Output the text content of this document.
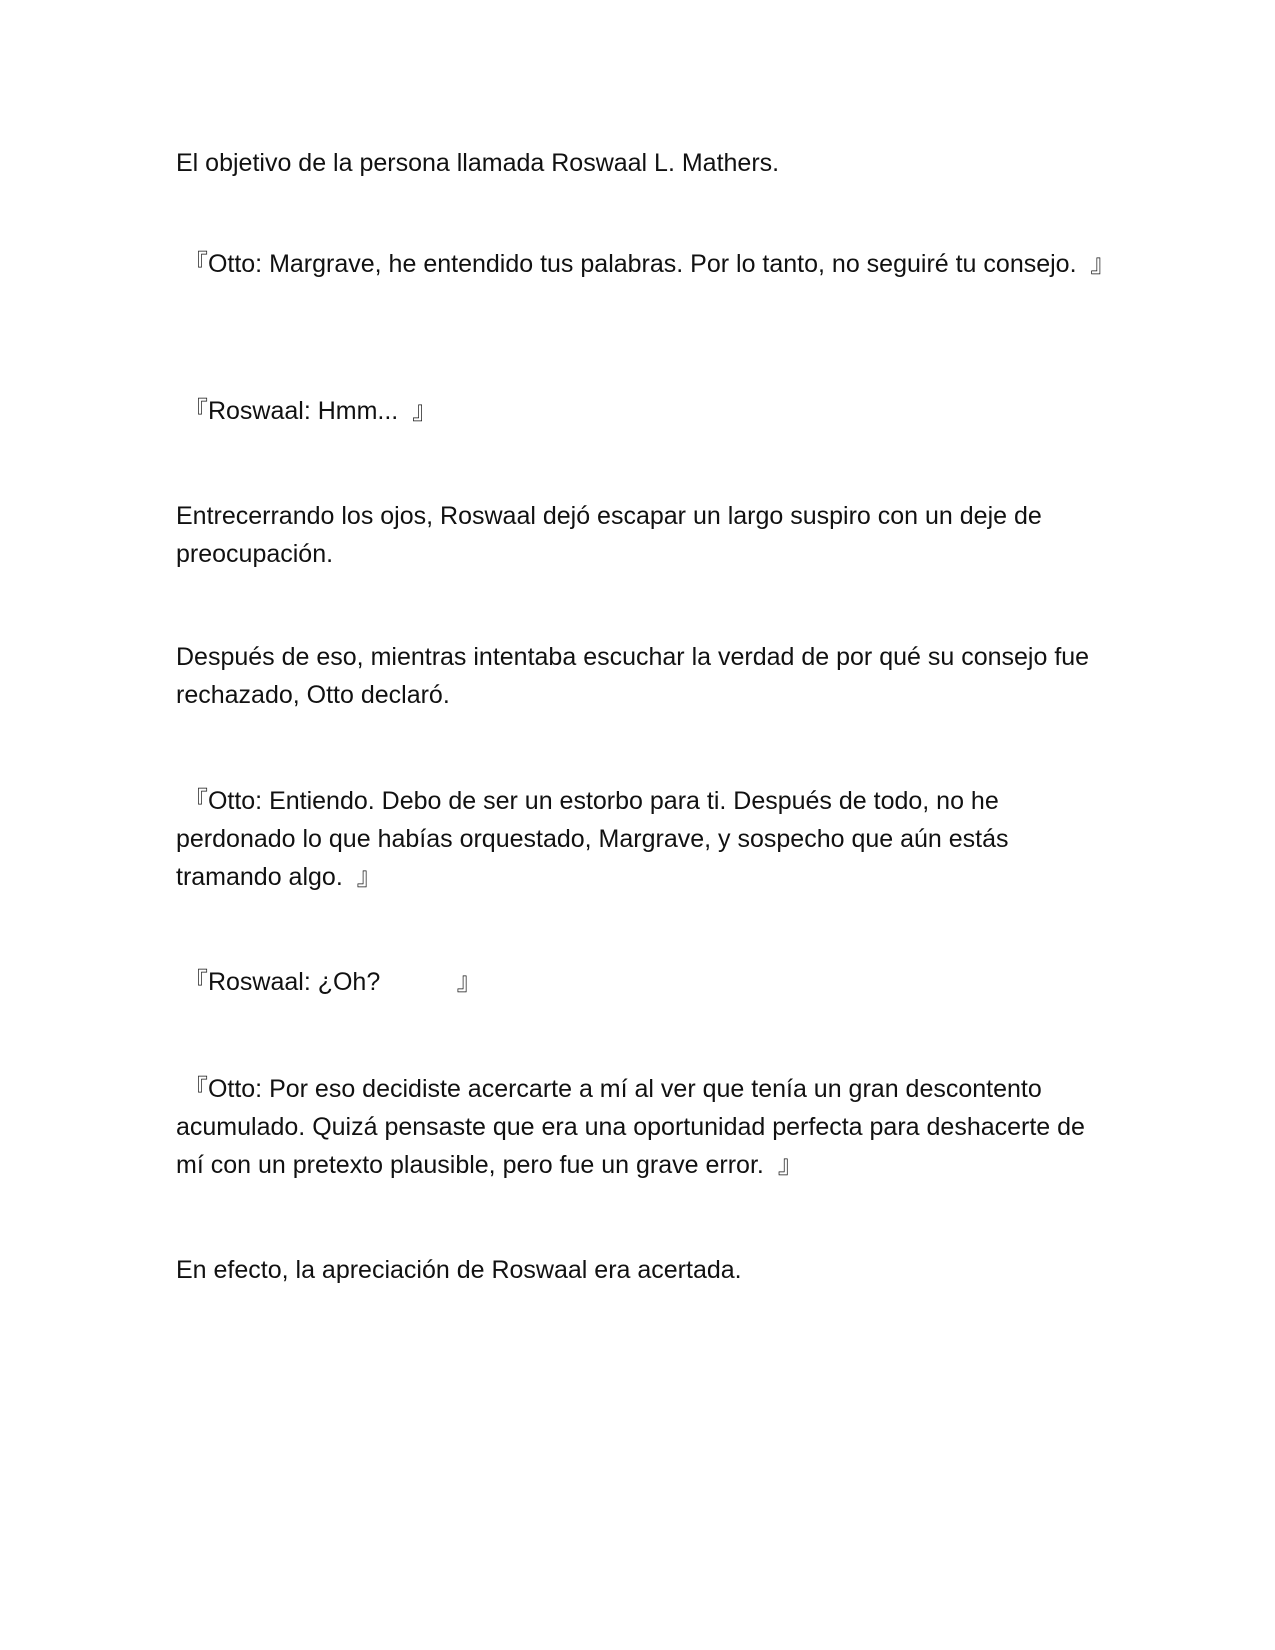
El objetivo de la persona llamada Roswaal L. Mathers.

『Otto: Margrave, he entendido tus palabras. Por lo tanto, no seguiré tu consejo.  』

『Roswaal: Hmm...  』

Entrecerrando los ojos, Roswaal dejó escapar un largo suspiro con un deje de preocupación.

Después de eso, mientras intentaba escuchar la verdad de por qué su consejo fue rechazado, Otto declaró.

『Otto: Entiendo. Debo de ser un estorbo para ti. Después de todo, no he perdonado lo que habías orquestado, Margrave, y sospecho que aún estás tramando algo.  』

『Roswaal: ¿Oh?           』

『Otto: Por eso decidiste acercarte a mí al ver que tenía un gran descontento acumulado. Quizá pensaste que era una oportunidad perfecta para deshacerte de mí con un pretexto plausible, pero fue un grave error.  』

En efecto, la apreciación de Roswaal era acertada.
